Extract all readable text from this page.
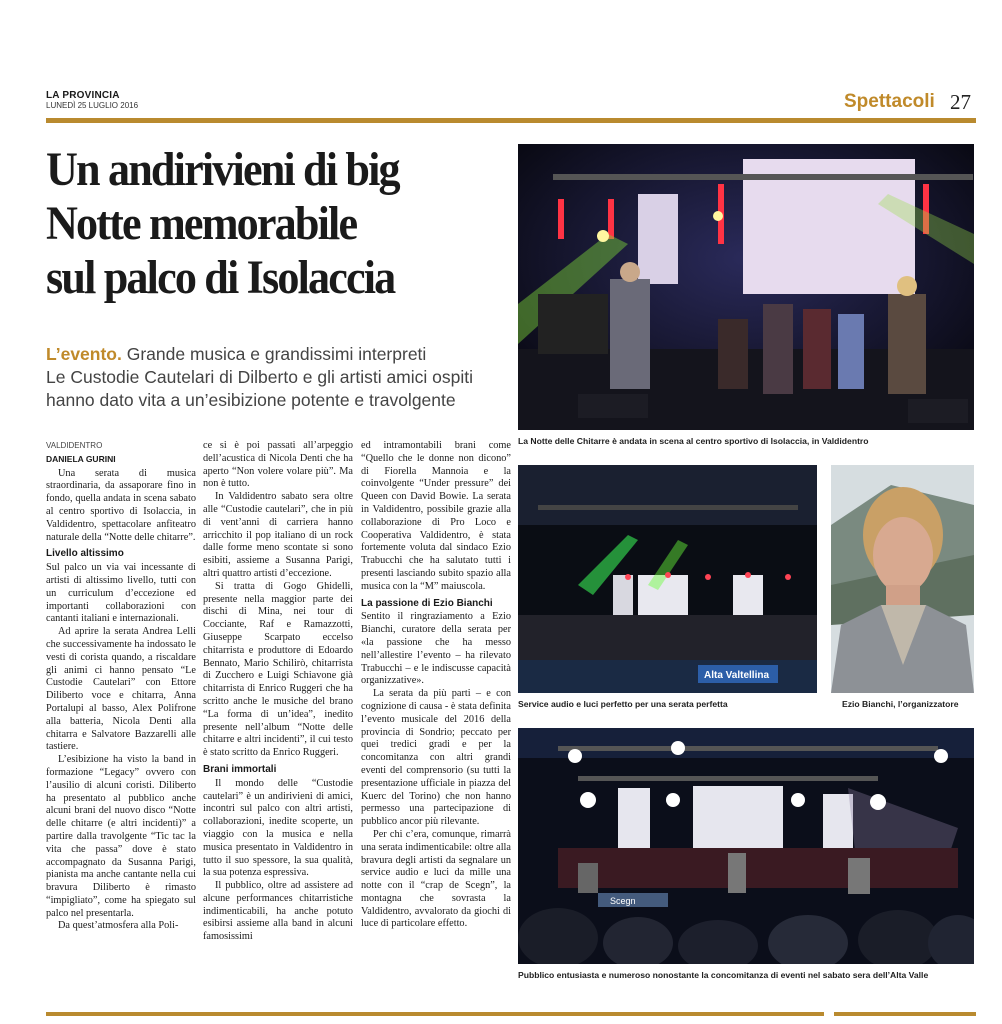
LA PROVINCIA
LUNEDÌ 25 LUGLIO 2016	Spettacoli 27
Un andirivieni di big
Notte memorabile
sul palco di Isolaccia
L’evento. Grande musica e grandissimi interpreti
Le Custodie Cautelari di Dilberto e gli artisti amici ospiti
hanno dato vita a un’esibizione potente e travolgente
VALDIDENTRO
DANIELA GURINI

Una serata di musica straordinaria, da assaporare fino in fondo, quella andata in scena sabato al centro sportivo di Isolaccia, in Valdidentro, spettacolare anfiteatro naturale della “Notte delle chitarre”.

Livello altissimo

Sul palco un via vai incessante di artisti di altissimo livello, tutti con un curriculum d’eccezione ed importanti collaborazioni con cantanti italiani e internazionali.

Ad aprire la serata Andrea Lelli che successivamente ha indossato le vesti di corista quando, a riscaldare gli animi ci hanno pensato “Le Custodie Cautelari” con Ettore Diliberto voce e chitarra, Anna Portalupi al basso, Alex Polifrone alla batteria, Nicola Denti alla chitarra e Salvatore Bazzarelli alle tastiere.

L’esibizione ha visto la band in formazione “Legacy” ovvero con l’ausilio di alcuni coristi. Diliberto ha presentato al pubblico anche alcuni brani del nuovo disco “Notte delle chitarre (e altri incidenti)” a partire dalla travolgente “Tic tac la vita che passa” dove è stato accompagnato da Susanna Parigi, pianista ma anche cantante nella cui bravura Diliberto è rimasto “impigliato”, come ha spiegato sul palco nel presentarla.

Da quest’atmosfera alla Poli-

ce si è poi passati all’arpeggio dell’acustica di Nicola Denti che ha aperto “Non volere volare più”. Ma non è tutto.

In Valdidentro sabato sera oltre alle “Custodie cautelari”, che in più di vent’anni di carriera hanno arricchito il pop italiano di un rock dalle forme meno scontate si sono esibiti, assieme a Susanna Parigi, altri quattro artisti d’eccezione.

Si tratta di Gogo Ghidelli, presente nella maggior parte dei dischi di Mina, nei tour di Cocciante, Raf e Ramazzotti, Giuseppe Scarpato eccelso chitarrista e produttore di Edoardo Bennato, Mario Schilirò, chitarrista di Zucchero e Luigi Schiavone già chitarrista di Enrico Ruggeri che ha scritto anche le musiche del brano “La forma di un’idea”, inedito presente nell’album “Notte delle chitarre e altri incidenti”, il cui testo è stato scritto da Enrico Ruggeri.

Brani immortali

Il mondo delle “Custodie cautelari” è un andirivieni di amici, incontri sul palco con altri artisti, collaborazioni, inedite scoperte, un viaggio con la musica e nella musica presentato in Valdidentro in tutto il suo spessore, la sua qualità, la sua potenza espressiva.

Il pubblico, oltre ad assistere ad alcune performances chitarristiche indimenticabili, ha anche potuto esibirsi assieme alla band in alcuni famosissimi

ed intramontabili brani come “Quello che le donne non dicono” di Fiorella Mannoia e la coinvolgente “Under pressure” dei Queen con David Bowie. La serata in Valdidentro, possibile grazie alla collaborazione di Pro Loco e Cooperativa Valdidentro, è stata fortemente voluta dal sindaco Ezio Trabucchi che ha salutato tutti i presenti lasciando subito spazio alla musica con la “M” maiuscola.

La passione di Ezio Bianchi

Sentito il ringraziamento a Ezio Bianchi, curatore della serata per «la passione che ha messo nell’allestire l’evento – ha rilevato Trabucchi – e le indiscusse capacità organizzative».

La serata da più parti – e con cognizione di causa - è stata definita l’evento musicale del 2016 della provincia di Sondrio; peccato per quei tredici gradi e per la concomitanza con altri grandi eventi del comprensorio (su tutti la presentazione ufficiale in piazza del Kuerc del Torino) che non hanno permesso una partecipazione di pubblico ancor più rilevante.

Per chi c’era, comunque, rimarrà una serata indimenticabile: oltre alla bravura degli artisti da segnalare un service audio e luci da mille una notte con il “crap de Scegn”, la montagna che sovrasta la Valdidentro, avvalorato da giochi di luce di particolare effetto.

La Notte delle Chitarre è andata in scena al centro sportivo di Isolaccia, in Valdidentro
Alta Valtellina
Service audio e luci perfetto per una serata perfetta	Ezio Bianchi, l’organizzatore
Scegn
Pubblico entusiasta e numeroso nonostante la concomitanza di eventi nel sabato sera dell’Alta Valle
